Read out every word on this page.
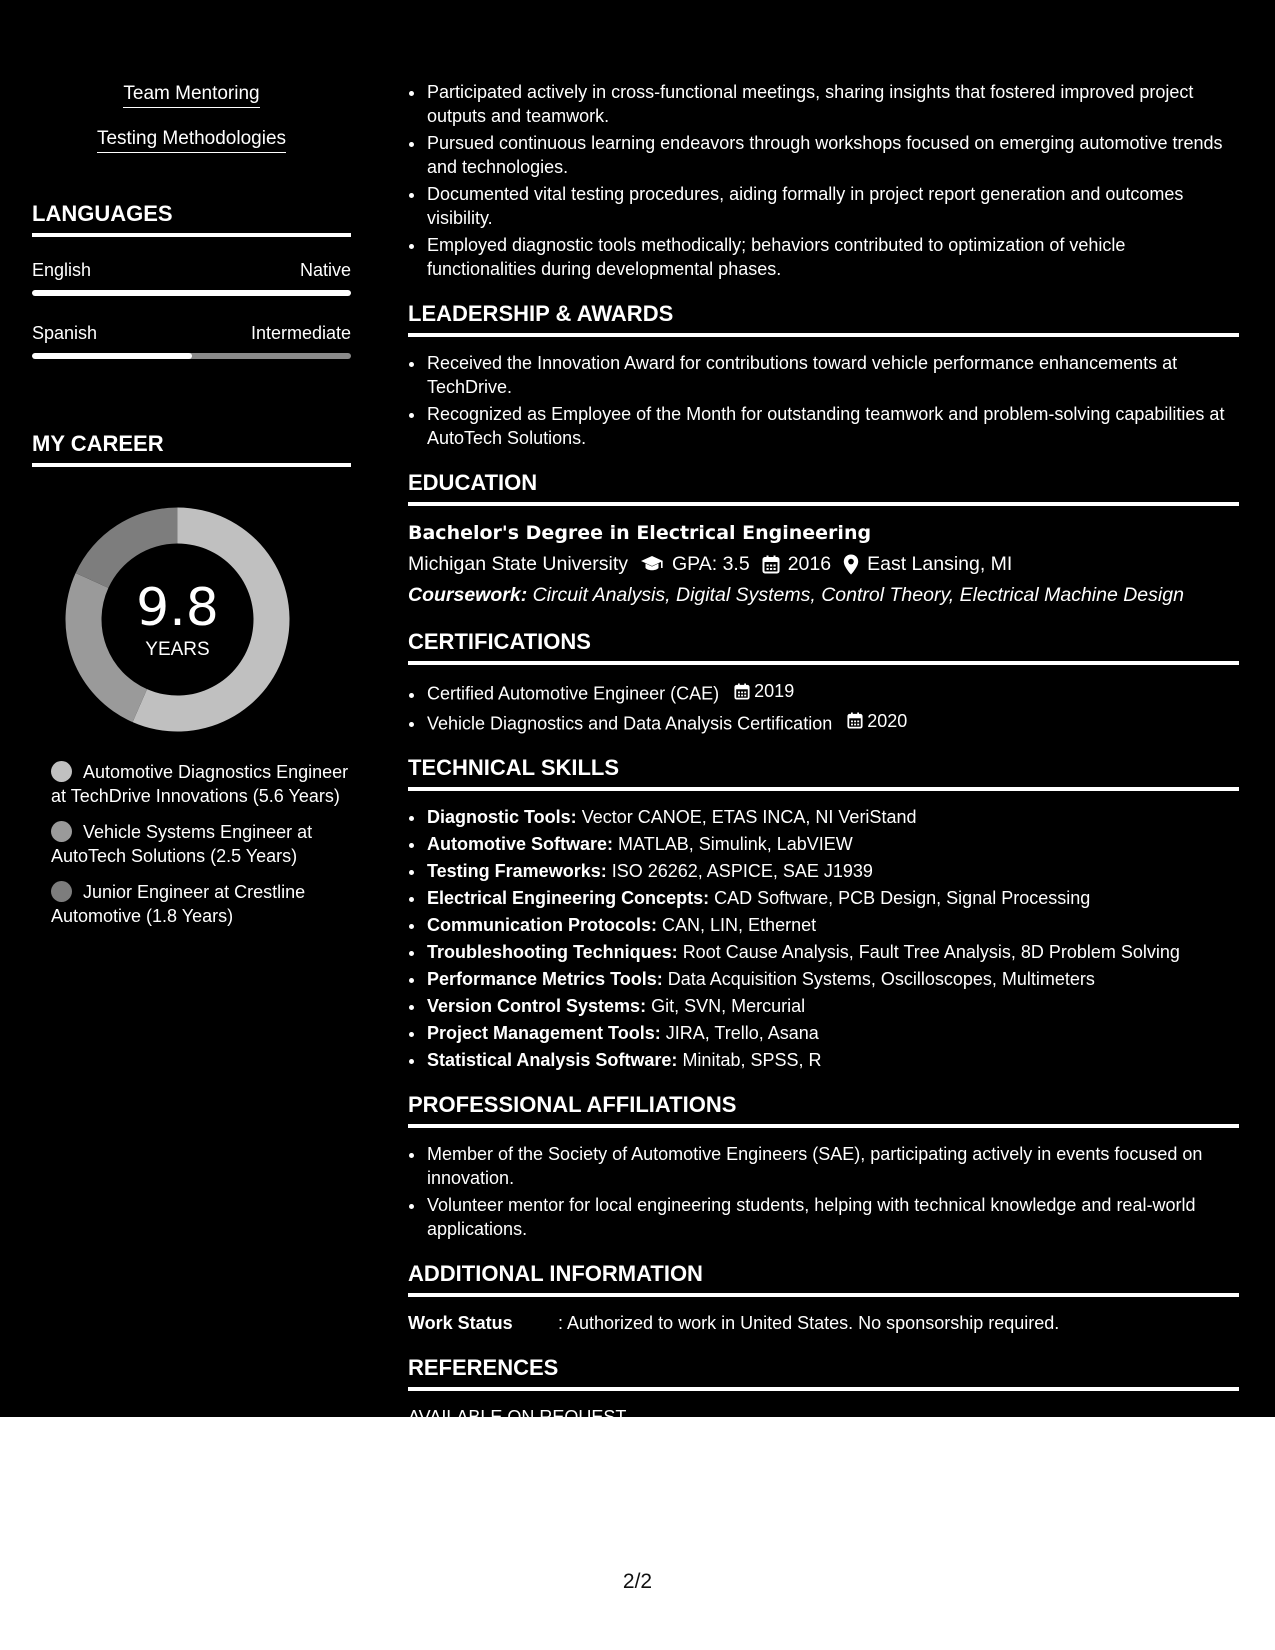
Team Mentoring
Testing Methodologies
LANGUAGES
English	Native
Spanish	Intermediate
MY CAREER
9.8
YEARS
Automotive Diagnostics Engineer at TechDrive Innovations (5.6 Years)
Vehicle Systems Engineer at AutoTech Solutions (2.5 Years)
Junior Engineer at Crestline Automotive (1.8 Years)
• Participated actively in cross-functional meetings, sharing insights that fostered improved project outputs and teamwork.
• Pursued continuous learning endeavors through workshops focused on emerging automotive trends and technologies.
• Documented vital testing procedures, aiding formally in project report generation and outcomes visibility.
• Employed diagnostic tools methodically; behaviors contributed to optimization of vehicle functionalities during developmental phases.
LEADERSHIP & AWARDS
• Received the Innovation Award for contributions toward vehicle performance enhancements at TechDrive.
• Recognized as Employee of the Month for outstanding teamwork and problem-solving capabilities at AutoTech Solutions.
EDUCATION
Bachelor's Degree in Electrical Engineering
Michigan State University GPA: 3.5 2016 East Lansing, MI
Coursework: Circuit Analysis, Digital Systems, Control Theory, Electrical Machine Design
CERTIFICATIONS
• Certified Automotive Engineer (CAE) 2019
• Vehicle Diagnostics and Data Analysis Certification 2020
TECHNICAL SKILLS
• Diagnostic Tools: Vector CANOE, ETAS INCA, NI VeriStand
• Automotive Software: MATLAB, Simulink, LabVIEW
• Testing Frameworks: ISO 26262, ASPICE, SAE J1939
• Electrical Engineering Concepts: CAD Software, PCB Design, Signal Processing
• Communication Protocols: CAN, LIN, Ethernet
• Troubleshooting Techniques: Root Cause Analysis, Fault Tree Analysis, 8D Problem Solving
• Performance Metrics Tools: Data Acquisition Systems, Oscilloscopes, Multimeters
• Version Control Systems: Git, SVN, Mercurial
• Project Management Tools: JIRA, Trello, Asana
• Statistical Analysis Software: Minitab, SPSS, R
PROFESSIONAL AFFILIATIONS
• Member of the Society of Automotive Engineers (SAE), participating actively in events focused on innovation.
• Volunteer mentor for local engineering students, helping with technical knowledge and real-world applications.
ADDITIONAL INFORMATION
Work Status	: Authorized to work in United States. No sponsorship required.
REFERENCES
AVAILABLE ON REQUEST
2/2
